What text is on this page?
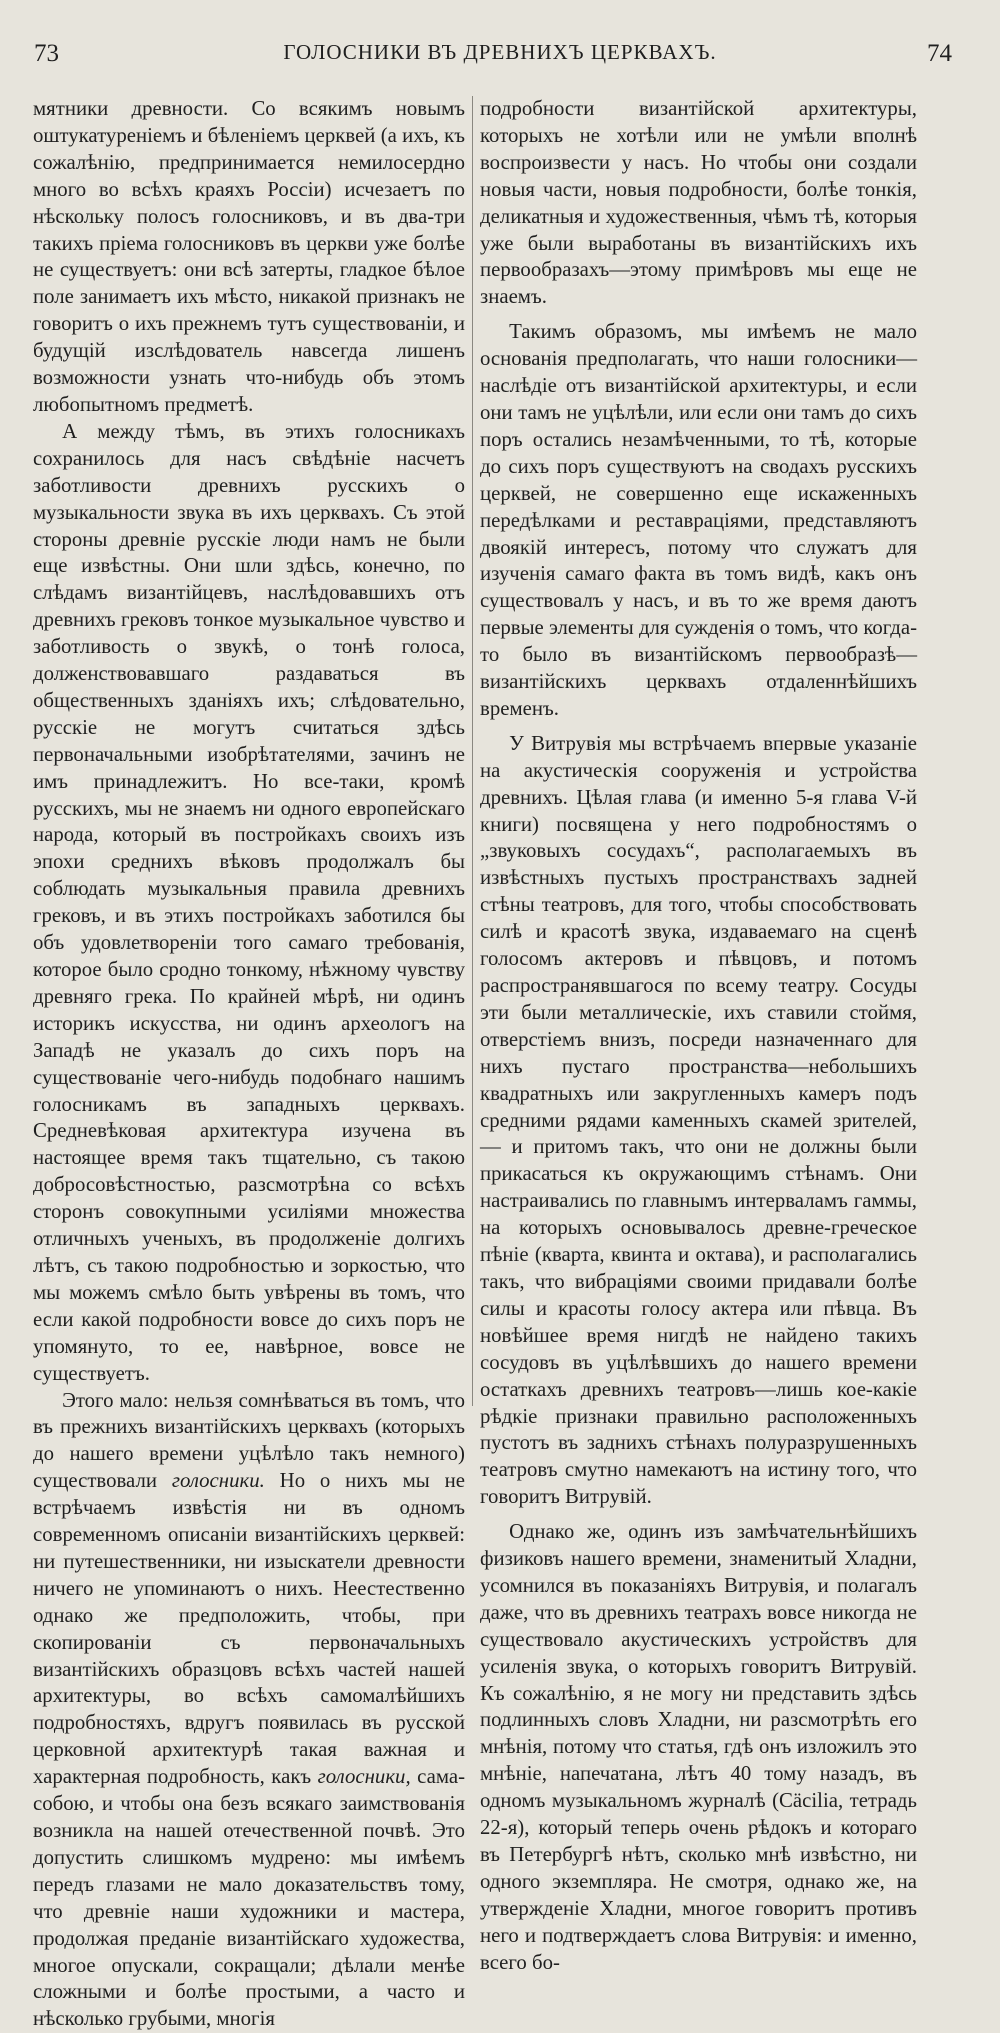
73	ГОЛОСНИКИ ВЪ ДРЕВНИХЪ ЦЕРКВАХЪ.	74

мятники древности. Со всякимъ новымъ оштукатуреніемъ и бѣленіемъ церквей (а ихъ, къ сожалѣнію, предпринимается немилосердно много во всѣхъ краяхъ Россіи) исчезаетъ по нѣскольку полосъ голосниковъ, и въ два-три такихъ пріема голосниковъ въ церкви уже болѣе не существуетъ: они всѣ затерты, гладкое бѣлое поле занимаетъ ихъ мѣсто, никакой признакъ не говоритъ о ихъ прежнемъ тутъ существованіи, и будущій изслѣдователь навсегда лишенъ возможности узнать что-нибудь объ этомъ любопытномъ предметѣ.

А между тѣмъ, въ этихъ голосникахъ сохранилось для насъ свѣдѣніе насчетъ заботливости древнихъ русскихъ о музыкальности звука въ ихъ церквахъ. Съ этой стороны древніе русскіе люди намъ не были еще извѣстны. Они шли здѣсь, конечно, по слѣдамъ византійцевъ, наслѣдовавшихъ отъ древнихъ грековъ тонкое музыкальное чувство и заботливость о звукѣ, о тонѣ голоса, долженствовавшаго раздаваться въ общественныхъ зданіяхъ ихъ; слѣдовательно, русскіе не могутъ считаться здѣсь первоначальными изобрѣтателями, зачинъ не имъ принадлежитъ. Но все-таки, кромѣ русскихъ, мы не знаемъ ни одного европейскаго народа, который въ постройкахъ своихъ изъ эпохи среднихъ вѣковъ продолжалъ бы соблюдать музыкальныя правила древнихъ грековъ, и въ этихъ постройкахъ заботился бы объ удовлетвореніи того самаго требованія, которое было сродно тонкому, нѣжному чувству древняго грека. По крайней мѣрѣ, ни одинъ историкъ искусства, ни одинъ археологъ на Западѣ не указалъ до сихъ поръ на существованіе чего-нибудь подобнаго нашимъ голосникамъ въ западныхъ церквахъ. Средневѣковая архитектура изучена въ настоящее время такъ тщательно, съ такою добросовѣстностью, разсмотрѣна со всѣхъ сторонъ совокупными усиліями множества отличныхъ ученыхъ, въ продолженіе долгихъ лѣтъ, съ такою подробностью и зоркостью, что мы можемъ смѣло быть увѣрены въ томъ, что если какой подробности вовсе до сихъ поръ не упомянуто, то ее, навѣрное, вовсе не существуетъ.

Этого мало: нельзя сомнѣваться въ томъ, что въ прежнихъ византійскихъ церквахъ (которыхъ до нашего времени уцѣлѣло такъ немного) существовали голосники. Но о нихъ мы не встрѣчаемъ извѣстія ни въ одномъ современномъ описаніи византійскихъ церквей: ни путешественники, ни изыскатели древности ничего не упоминаютъ о нихъ. Неестественно однако же предположить, чтобы, при скопированіи съ первоначальныхъ византійскихъ образцовъ всѣхъ частей нашей архитектуры, во всѣхъ самомалѣйшихъ подробностяхъ, вдругъ появилась въ русской церковной архитектурѣ такая важная и характерная подробность, какъ голосники, сама-собою, и чтобы она безъ всякаго заимствованія возникла на нашей отечественной почвѣ. Это допустить слишкомъ мудрено: мы имѣемъ передъ глазами не мало доказательствъ тому, что древніе наши художники и мастера, продолжая преданіе византійскаго художества, многое опускали, сокращали; дѣлали менѣе сложными и болѣе простыми, а часто и нѣсколько грубыми, многія

подробности византійской архитектуры, которыхъ не хотѣли или не умѣли вполнѣ воспроизвести у насъ. Но чтобы они создали новыя части, новыя подробности, болѣе тонкія, деликатныя и художественныя, чѣмъ тѣ, которыя уже были выработаны въ византійскихъ ихъ первообразахъ—этому примѣровъ мы еще не знаемъ.

Такимъ образомъ, мы имѣемъ не мало основанія предполагать, что наши голосники—наслѣдіе отъ византійской архитектуры, и если они тамъ не уцѣлѣли, или если они тамъ до сихъ поръ остались незамѣченными, то тѣ, которые до сихъ поръ существуютъ на сводахъ русскихъ церквей, не совершенно еще искаженныхъ передѣлками и реставраціями, представляютъ двоякій интересъ, потому что служатъ для изученія самаго факта въ томъ видѣ, какъ онъ существовалъ у насъ, и въ то же время даютъ первые элементы для сужденія о томъ, что когда-то было въ византійскомъ первообразѣ—византійскихъ церквахъ отдаленнѣйшихъ временъ.

У Витрувія мы встрѣчаемъ впервые указаніе на акустическія сооруженія и устройства древнихъ. Цѣлая глава (и именно 5-я глава V-й книги) посвящена у него подробностямъ о „звуковыхъ сосудахъ“, располагаемыхъ въ извѣстныхъ пустыхъ пространствахъ задней стѣны театровъ, для того, чтобы способствовать силѣ и красотѣ звука, издаваемаго на сценѣ голосомъ актеровъ и пѣвцовъ, и потомъ распространявшагося по всему театру. Сосуды эти были металлическіе, ихъ ставили стоймя, отверстіемъ внизъ, посреди назначеннаго для нихъ пустаго пространства—небольшихъ квадратныхъ или закругленныхъ камеръ подъ средними рядами каменныхъ скамей зрителей, — и притомъ такъ, что они не должны были прикасаться къ окружающимъ стѣнамъ. Они настраивались по главнымъ интерваламъ гаммы, на которыхъ основывалось древне-греческое пѣніе (кварта, квинта и октава), и располагались такъ, что вибраціями своими придавали болѣе силы и красоты голосу актера или пѣвца. Въ новѣйшее время нигдѣ не найдено такихъ сосудовъ въ уцѣлѣвшихъ до нашего времени остаткахъ древнихъ театровъ—лишь кое-какіе рѣдкіе признаки правильно расположенныхъ пустотъ въ заднихъ стѣнахъ полуразрушенныхъ театровъ смутно намекаютъ на истину того, что говоритъ Витрувій.

Однако же, одинъ изъ замѣчательнѣйшихъ физиковъ нашего времени, знаменитый Хладни, усомнился въ показаніяхъ Витрувія, и полагалъ даже, что въ древнихъ театрахъ вовсе никогда не существовало акустическихъ устройствъ для усиленія звука, о которыхъ говоритъ Витрувій. Къ сожалѣнію, я не могу ни представить здѣсь подлинныхъ словъ Хладни, ни разсмотрѣть его мнѣнія, потому что статья, гдѣ онъ изложилъ это мнѣніе, напечатана, лѣтъ 40 тому назадъ, въ одномъ музыкальномъ журналѣ (Cäcilia, тетрадь 22-я), который теперь очень рѣдокъ и котораго въ Петербургѣ нѣтъ, сколько мнѣ извѣстно, ни одного экземпляра. Не смотря, однако же, на утвержденіе Хладни, многое говоритъ противъ него и подтверждаетъ слова Витрувія: и именно, всего бо-
